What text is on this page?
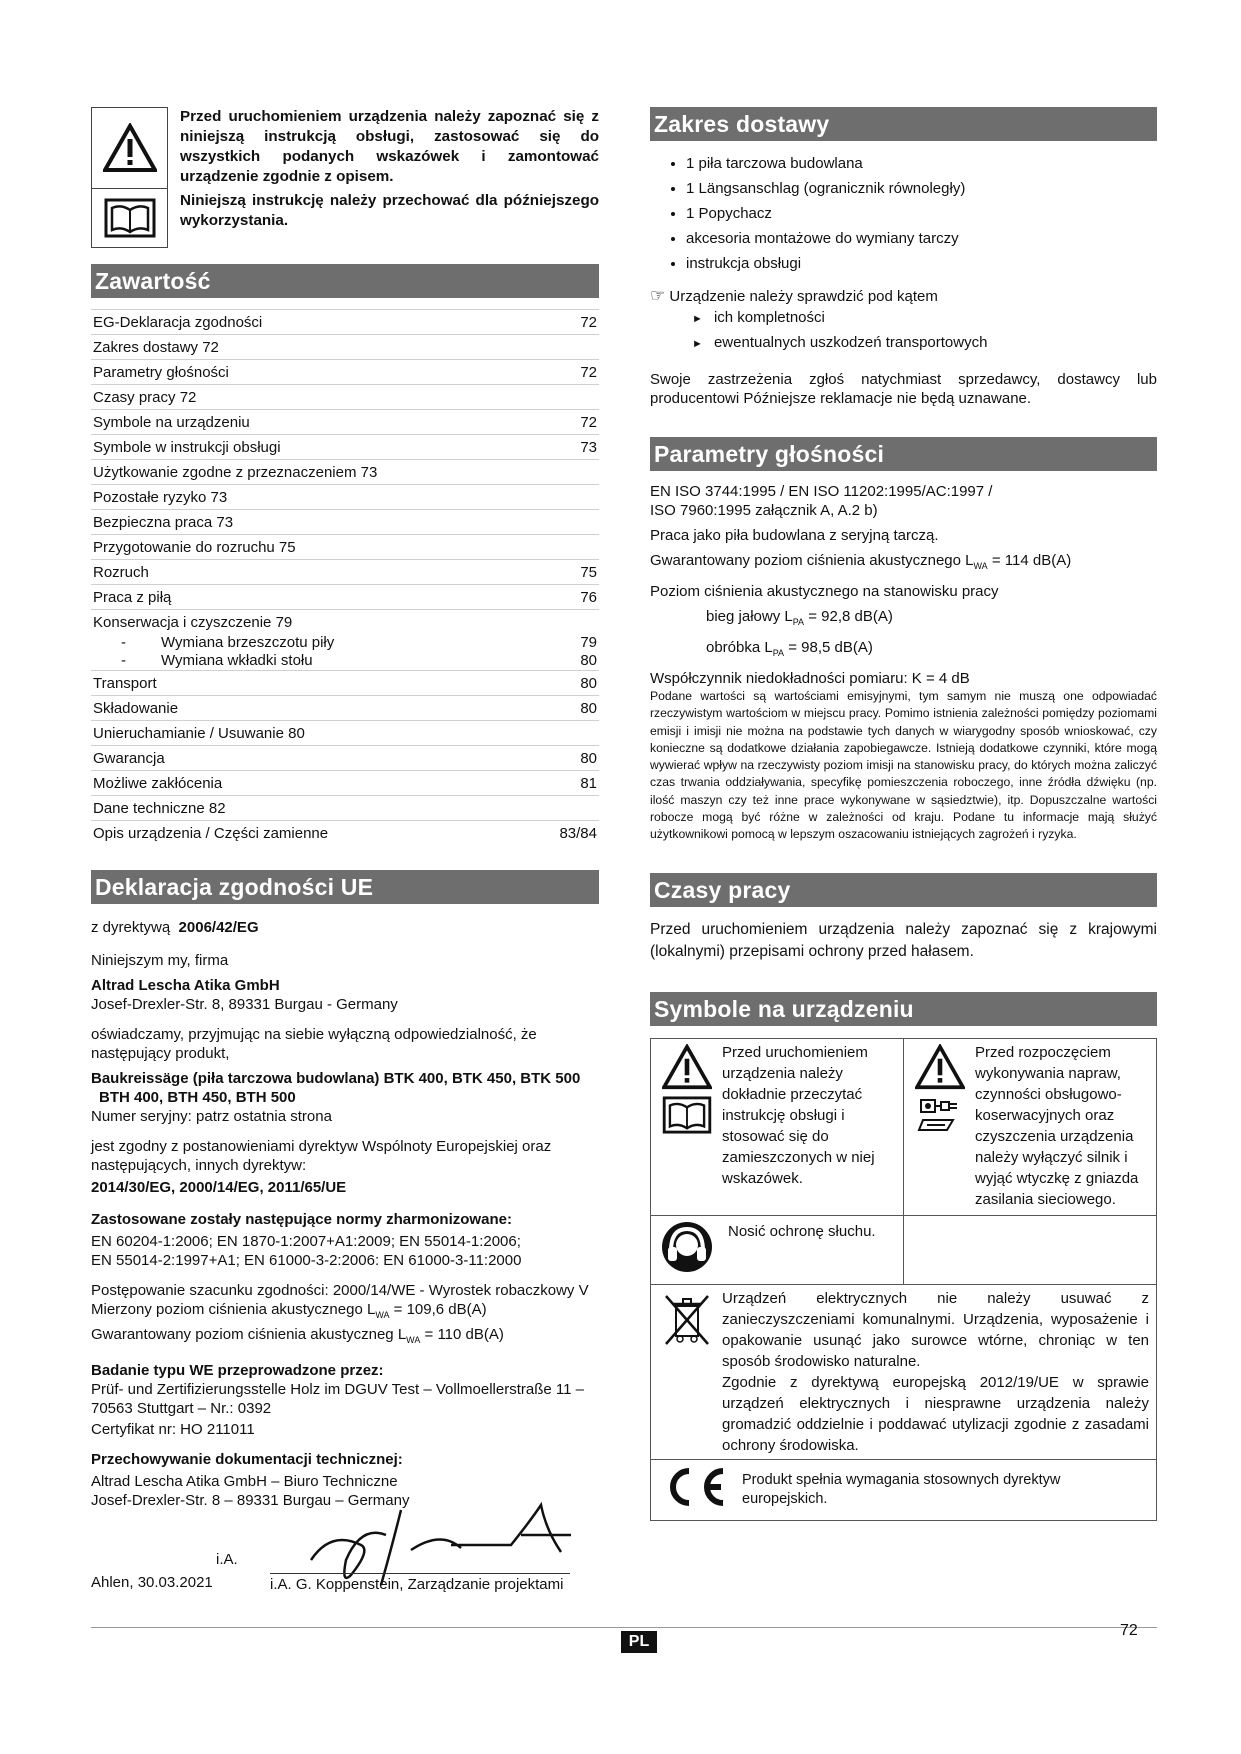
Przed uruchomieniem urządzenia należy zapoznać się z niniejszą instrukcją obsługi, zastosować się do wszystkich podanych wskazówek i zamontować urządzenie zgodnie z opisem.

Niniejszą instrukcję należy przechować dla późniejszego wykorzystania.

Zawartość
EG-Deklaracja zgodności	72
Zakres dostawy 72
Parametry głośności	72
Czasy pracy 72
Symbole na urządzeniu	72
Symbole w instrukcji obsługi	73
Użytkowanie zgodne z przeznaczeniem 73
Pozostałe ryzyko 73
Bezpieczna praca 73
Przygotowanie do rozruchu 75
Rozruch	75
Praca z piłą	76
Konserwacja i czyszczenie 79
- Wymiana brzeszczotu piły	79
- Wymiana wkładki stołu	80
Transport	80
Składowanie	80
Unieruchamianie / Usuwanie 80
Gwarancja	80
Możliwe zakłócenia	81
Dane techniczne 82
Opis urządzenia / Części zamienne	83/84
Deklaracja zgodności UE

z dyrektywą 2006/42/EG

Niniejszym my, firma

Altrad Lescha Atika GmbH

Josef-Drexler-Str. 8, 89331 Burgau - Germany

oświadczamy, przyjmując na siebie wyłączną odpowiedzialność, że następujący produkt,

Baukreissäge (piła tarczowa budowlana) BTK 400, BTK 450, BTK 500

BTH 400, BTH 450, BTH 500

Numer seryjny: patrz ostatnia strona

jest zgodny z postanowieniami dyrektyw Wspólnoty Europejskiej oraz następujących, innych dyrektyw:

2014/30/EG, 2000/14/EG, 2011/65/UE

Zastosowane zostały następujące normy zharmonizowane:

EN 60204-1:2006; EN 1870-1:2007+A1:2009; EN 55014-1:2006;

EN 55014-2:1997+A1; EN 61000-3-2:2006: EN 61000-3-11:2000

Postępowanie szacunku zgodności: 2000/14/WE - Wyrostek robaczkowy V

Mierzony poziom ciśnienia akustycznego $L_{WA} = 109,6$ dB(A)

Gwarantowany poziom ciśnienia akustyczneg $L_{WA} = 110$ dB(A)

Badanie typu WE przeprowadzone przez:

Prüf- und Zertifizierungsstelle Holz im DGUV Test – Vollmoellerstraße 11 –

70563 Stuttgart – Nr.: 0392

Certyfikat nr: HO 211011

Przechowywanie dokumentacji technicznej:

Altrad Lescha Atika GmbH – Biuro Techniczne

Josef-Drexler-Str. 8 – 89331 Burgau – Germany

i.A.

Ahlen, 30.03.2021	i.A. G. Koppenstein, Zarządzanie projektami

Zakres dostawy
• 1 piła tarczowa budowlana
• 1 Längsanschlag (ogranicznik równoległy)
• 1 Popychacz
• akcesoria montażowe do wymiany tarczy
• instrukcja obsługi

☞ Urządzenie należy sprawdzić pod kątem

► ich kompletności
► ewentualnych uszkodzeń transportowych

Swoje zastrzeżenia zgłoś natychmiast sprzedawcy, dostawcy lub producentowi Późniejsze reklamacje nie będą uznawane.

Parametry głośności

EN ISO 3744:1995 / EN ISO 11202:1995/AC:1997 /

ISO 7960:1995 załącznik A, A.2 b)

Praca jako piła budowlana z seryjną tarczą.

Gwarantowany poziom ciśnienia akustycznego $L_{WA} = 114$ dB(A)

Poziom ciśnienia akustycznego na stanowisku pracy

bieg jałowy $L_{PA} = 92,8$ dB(A)

obróbka $L_{PA} = 98,5$ dB(A)

Współczynnik niedokładności pomiaru: K = 4 dB

Podane wartości są wartościami emisyjnymi, tym samym nie muszą one odpowiadać rzeczywistym wartościom w miejscu pracy. Pomimo istnienia zależności pomiędzy poziomami emisji i imisji nie można na podstawie tych danych w wiarygodny sposób wnioskować, czy konieczne są dodatkowe działania zapobiegawcze. Istnieją dodatkowe czynniki, które mogą wywierać wpływ na rzeczywisty poziom imisji na stanowisku pracy, do których można zaliczyć czas trwania oddziaływania, specyfikę pomieszczenia roboczego, inne źródła dźwięku (np. ilość maszyn czy też inne prace wykonywane w sąsiedztwie), itp. Dopuszczalne wartości robocze mogą być różne w zależności od kraju. Podane tu informacje mają służyć użytkownikowi pomocą w lepszym oszacowaniu istniejących zagrożeń i ryzyka.

Czasy pracy

Przed uruchomieniem urządzenia należy zapoznać się z krajowymi (lokalnymi) przepisami ochrony przed hałasem.

Symbole na urządzeniu

Przed uruchomieniem urządzenia należy dokładnie przeczytać instrukcję obsługi i stosować się do zamieszczonych w niej wskazówek.	Przed rozpoczęciem wykonywania napraw, czynności obsługowo-koserwacyjnych oraz czyszczenia urządzenia należy wyłączyć silnik i wyjąć wtyczkę z gniazda zasilania sieciowego.

Nosić ochronę słuchu.	

Urządzeń elektrycznych nie należy usuwać z zanieczyszczeniami komunalnymi. Urządzenia, wyposażenie i opakowanie usunąć jako surowce wtórne, chroniąc w ten sposób środowisko naturalne.
Zgodnie z dyrektywą europejską 2012/19/UE w sprawie urządzeń elektrycznych i niesprawne urządzenia należy gromadzić oddzielnie i poddawać utylizacji zgodnie z zasadami ochrony środowiska.	

Produkt spełnia wymagania stosownych dyrektyw europejskich.	
PL
72
